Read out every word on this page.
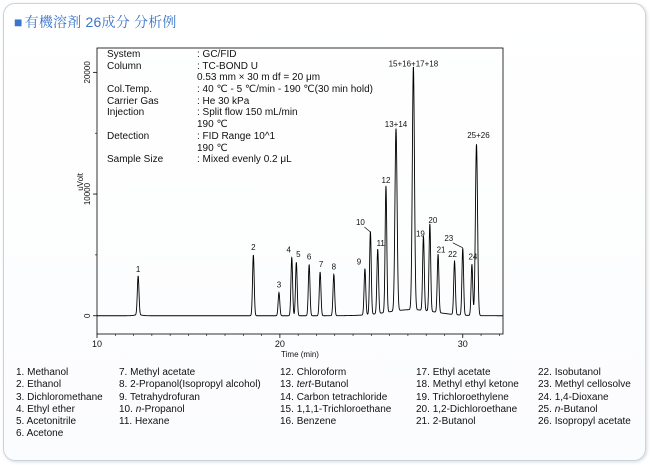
■ 有機溶剤 26成分 分析例
10	20	30
Time (min)
0
10000
20000
uVolt
1
2
3
4
5 6
7 8
9
10
11
12
13+14
15+16+17+18
19
20
21
22
23
24
25+26
System	: GC/FID
Column	: TC-BOND U
0.53 mm × 30 m df = 20 μm
Col.Temp.	: 40 ℃ - 5 ℃/min - 190 ℃(30 min hold)
Carrier Gas	: He 30 kPa
Injection	: Split flow 150 mL/min
190 ℃
Detection	: FID Range 10^1
190 ℃
Sample Size	: Mixed evenly 0.2 μL
1. Methanol
2. Ethanol
3. Dichloromethane
4. Ethyl ether
5. Acetonitrile
6. Acetone
7. Methyl acetate
8. 2-Propanol(Isopropyl alcohol)
9. Tetrahydrofuran
10. n-Propanol
11. Hexane
12. Chloroform
13. tert-Butanol
14. Carbon tetrachloride
15. 1,1,1-Trichloroethane
16. Benzene
17. Ethyl acetate
18. Methyl ethyl ketone
19. Trichloroethylene
20. 1,2-Dichloroethane
21. 2-Butanol
22. Isobutanol
23. Methyl cellosolve
24. 1,4-Dioxane
25. n-Butanol
26. Isopropyl acetate
